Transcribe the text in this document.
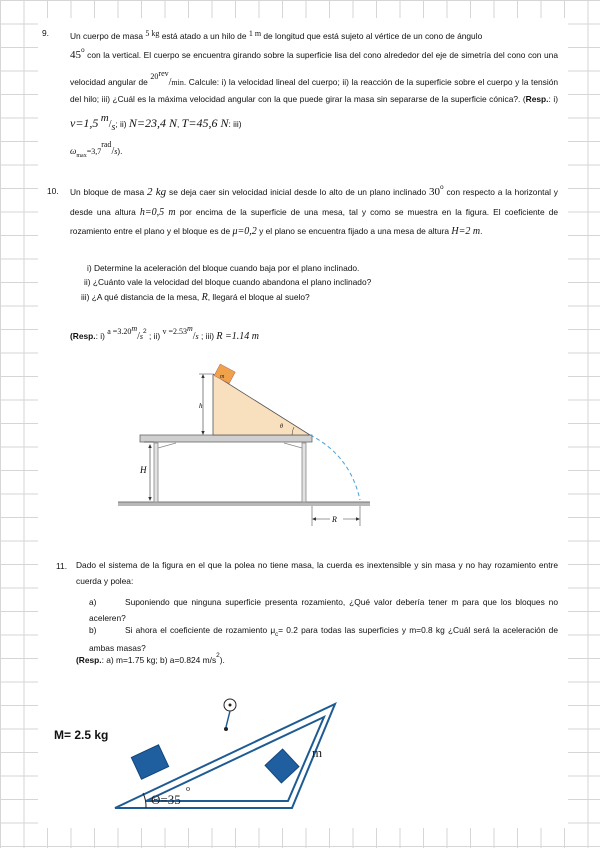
9.	Un cuerpo de masa 5 kg está atado a un hilo de 1 m de longitud que está sujeto al vértice de un cono de ángulo
45$^o$ con la vertical. El cuerpo se encuentra girando sobre la superficie lisa del cono alrededor del eje de simetría del cono con una velocidad angular de 20rev/min. Calcule: i) la velocidad lineal del cuerpo; ii) la reacción de la superficie sobre el cuerpo y la tensión del hilo; iii) ¿Cuál es la máxima velocidad angular con la que puede girar la masa sin separarse de la superficie cónica?. (Resp.: i) v=1,5 m/s; ii) N=23,4 N, T=45,6 N: iii)
$\omega_{max}=3,7rad/s$).
10. Un bloque de masa 2 kg se deja caer sin velocidad inicial desde lo alto de un plano inclinado 30$^o$ con respecto a la horizontal y desde una altura h=0,5 m por encima de la superficie de una mesa, tal y como se muestra en la figura. El coeficiente de rozamiento entre el plano y el bloque es de μ=0,2 y el plano se encuentra fijado a una mesa de altura H=2 m.
i) Determine la aceleración del bloque cuando baja por el plano inclinado.
ii) ¿Cuánto vale la velocidad del bloque cuando abandona el plano inclinado?
iii) ¿A qué distancia de la mesa, R, llegará el bloque al suelo?
(Resp.: i) $a =3.20m/s^2$ ; ii) v =2.53m/s ; iii) R =1.14 m
m
h
θ
H
R
11. Dado el sistema de la figura en el que la polea no tiene masa, la cuerda es inextensible y sin masa y no hay rozamiento entre cuerda y polea:
a)	Suponiendo que ninguna superficie presenta rozamiento, ¿Qué valor debería tener m para que los bloques no aceleren?
b)	Si ahora el coeficiente de rozamiento $\mu_c= 0.2$ para todas las superficies y m=0.8 kg ¿Cuál será la aceleración de ambas masas?
(Resp.: a) m=1.75 kg; b) a=0.824 $m/s^2$).
M= 2.5 kg
Θ=35
o
m
